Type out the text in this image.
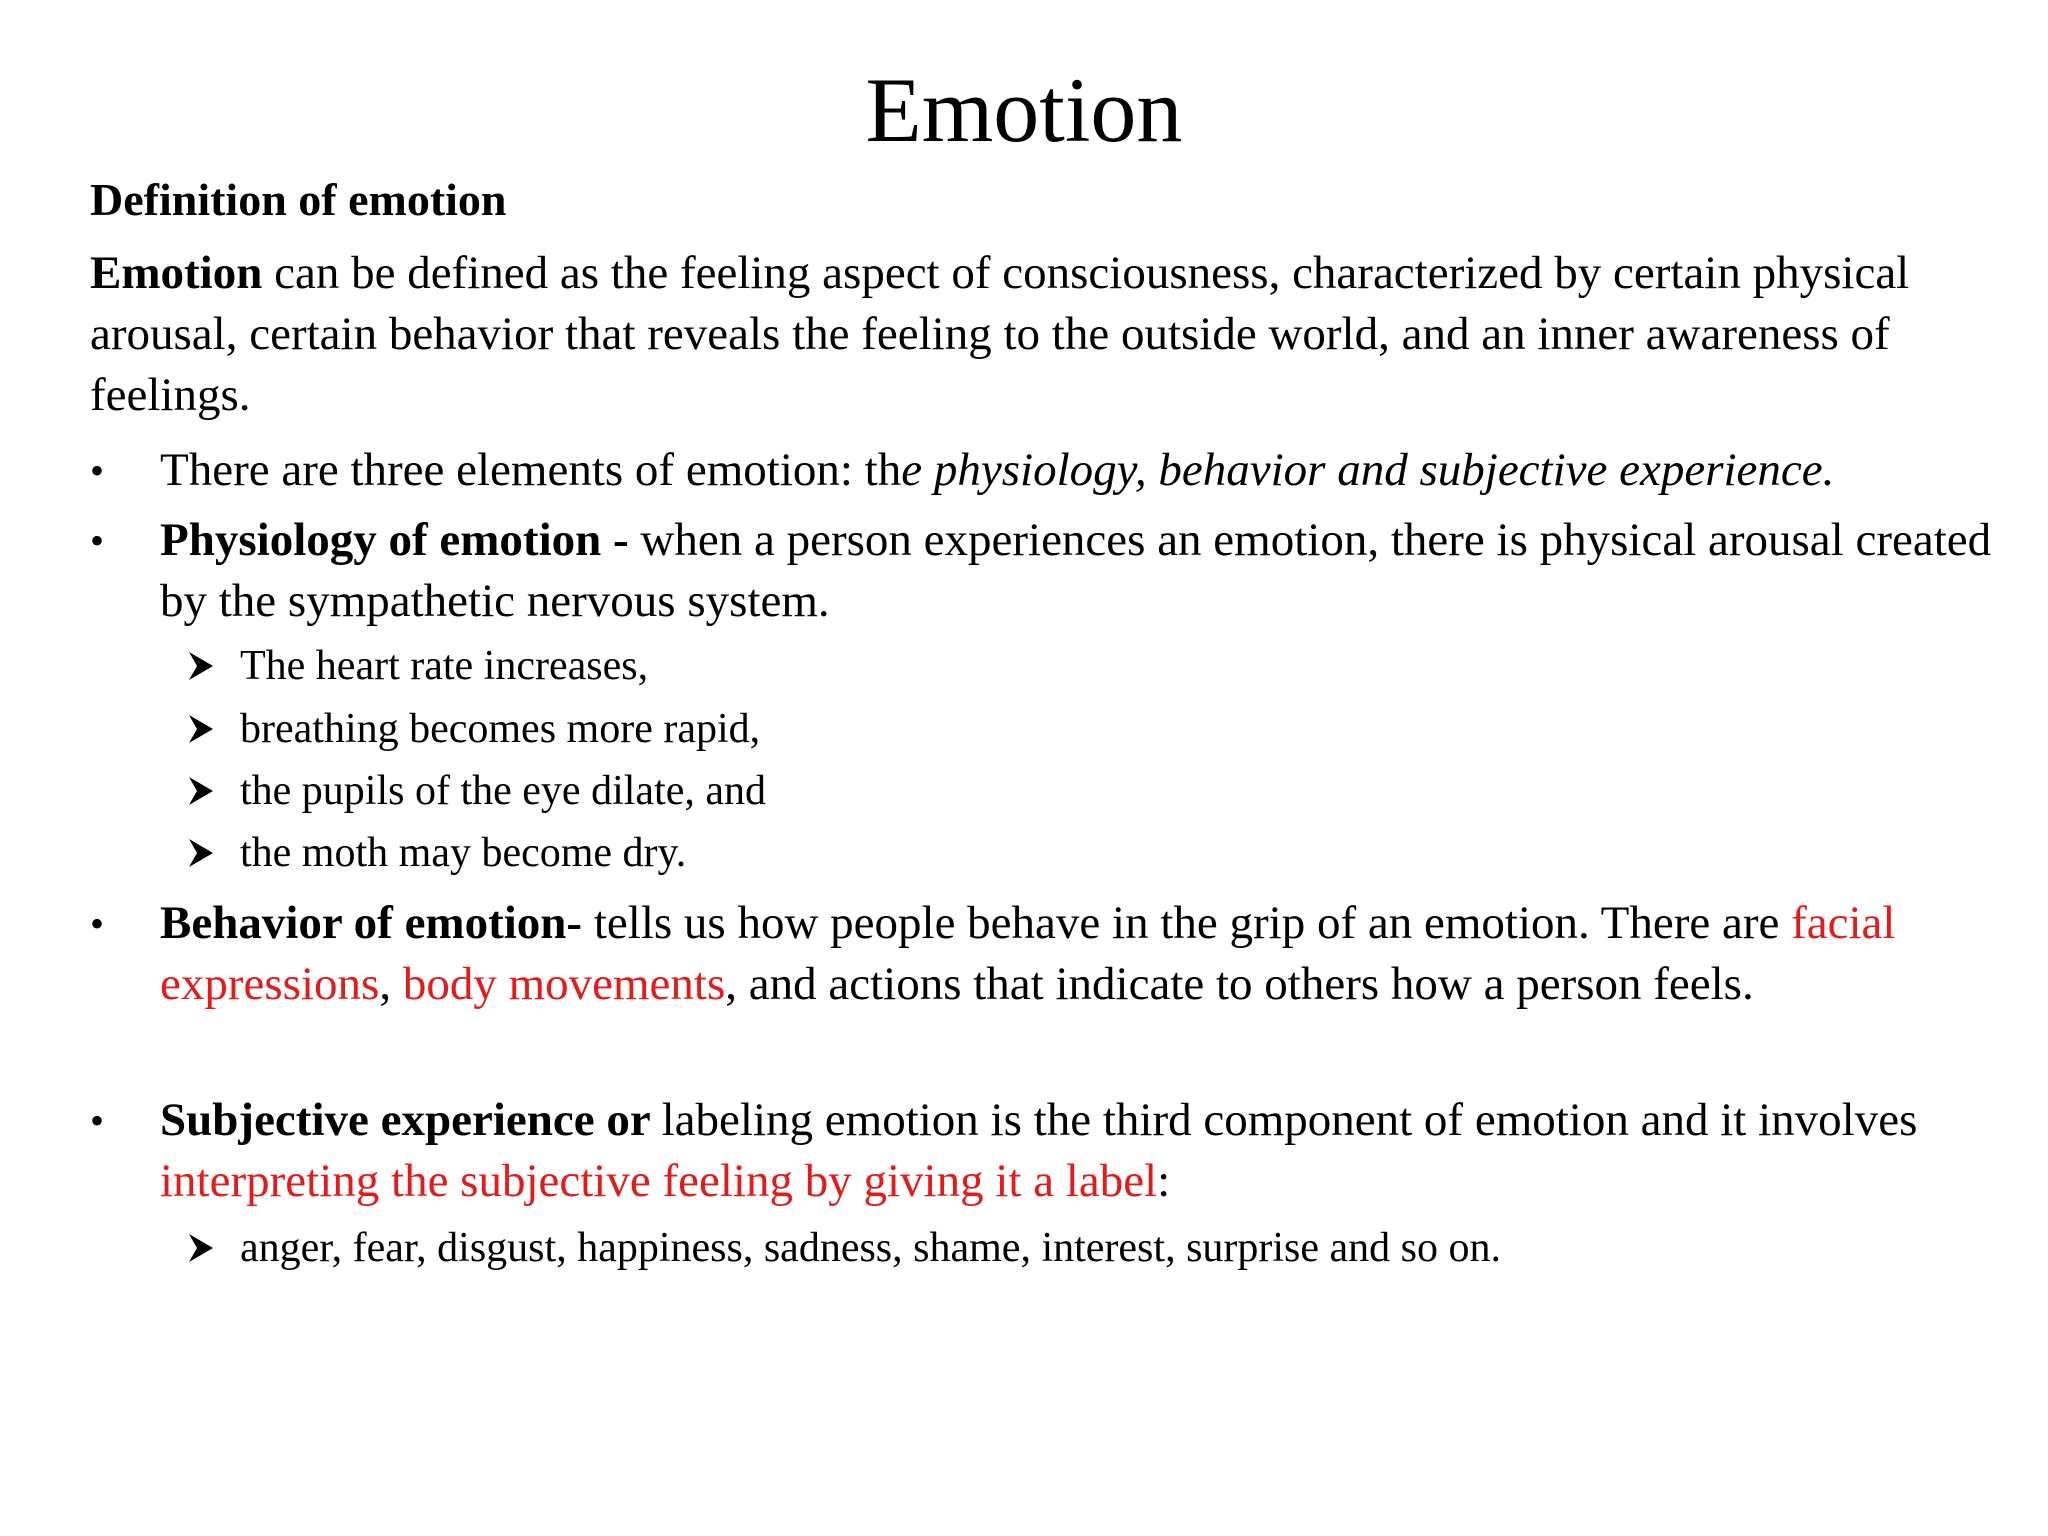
Emotion
Definition of emotion
Emotion can be defined as the feeling aspect of consciousness, characterized by certain physical arousal, certain behavior that reveals the feeling to the outside world, and an inner awareness of feelings.
•	There are three elements of emotion: the physiology, behavior and subjective experience.
•	Physiology of emotion - when a person experiences an emotion, there is physical arousal created by the sympathetic nervous system.
The heart rate increases,
breathing becomes more rapid,
the pupils of the eye dilate, and
the moth may become dry.
•	Behavior of emotion- tells us how people behave in the grip of an emotion. There are facial expressions, body movements, and actions that indicate to others how a person feels.
•	Subjective experience or labeling emotion is the third component of emotion and it involves interpreting the subjective feeling by giving it a label:
anger, fear, disgust, happiness, sadness, shame, interest, surprise and so on.
